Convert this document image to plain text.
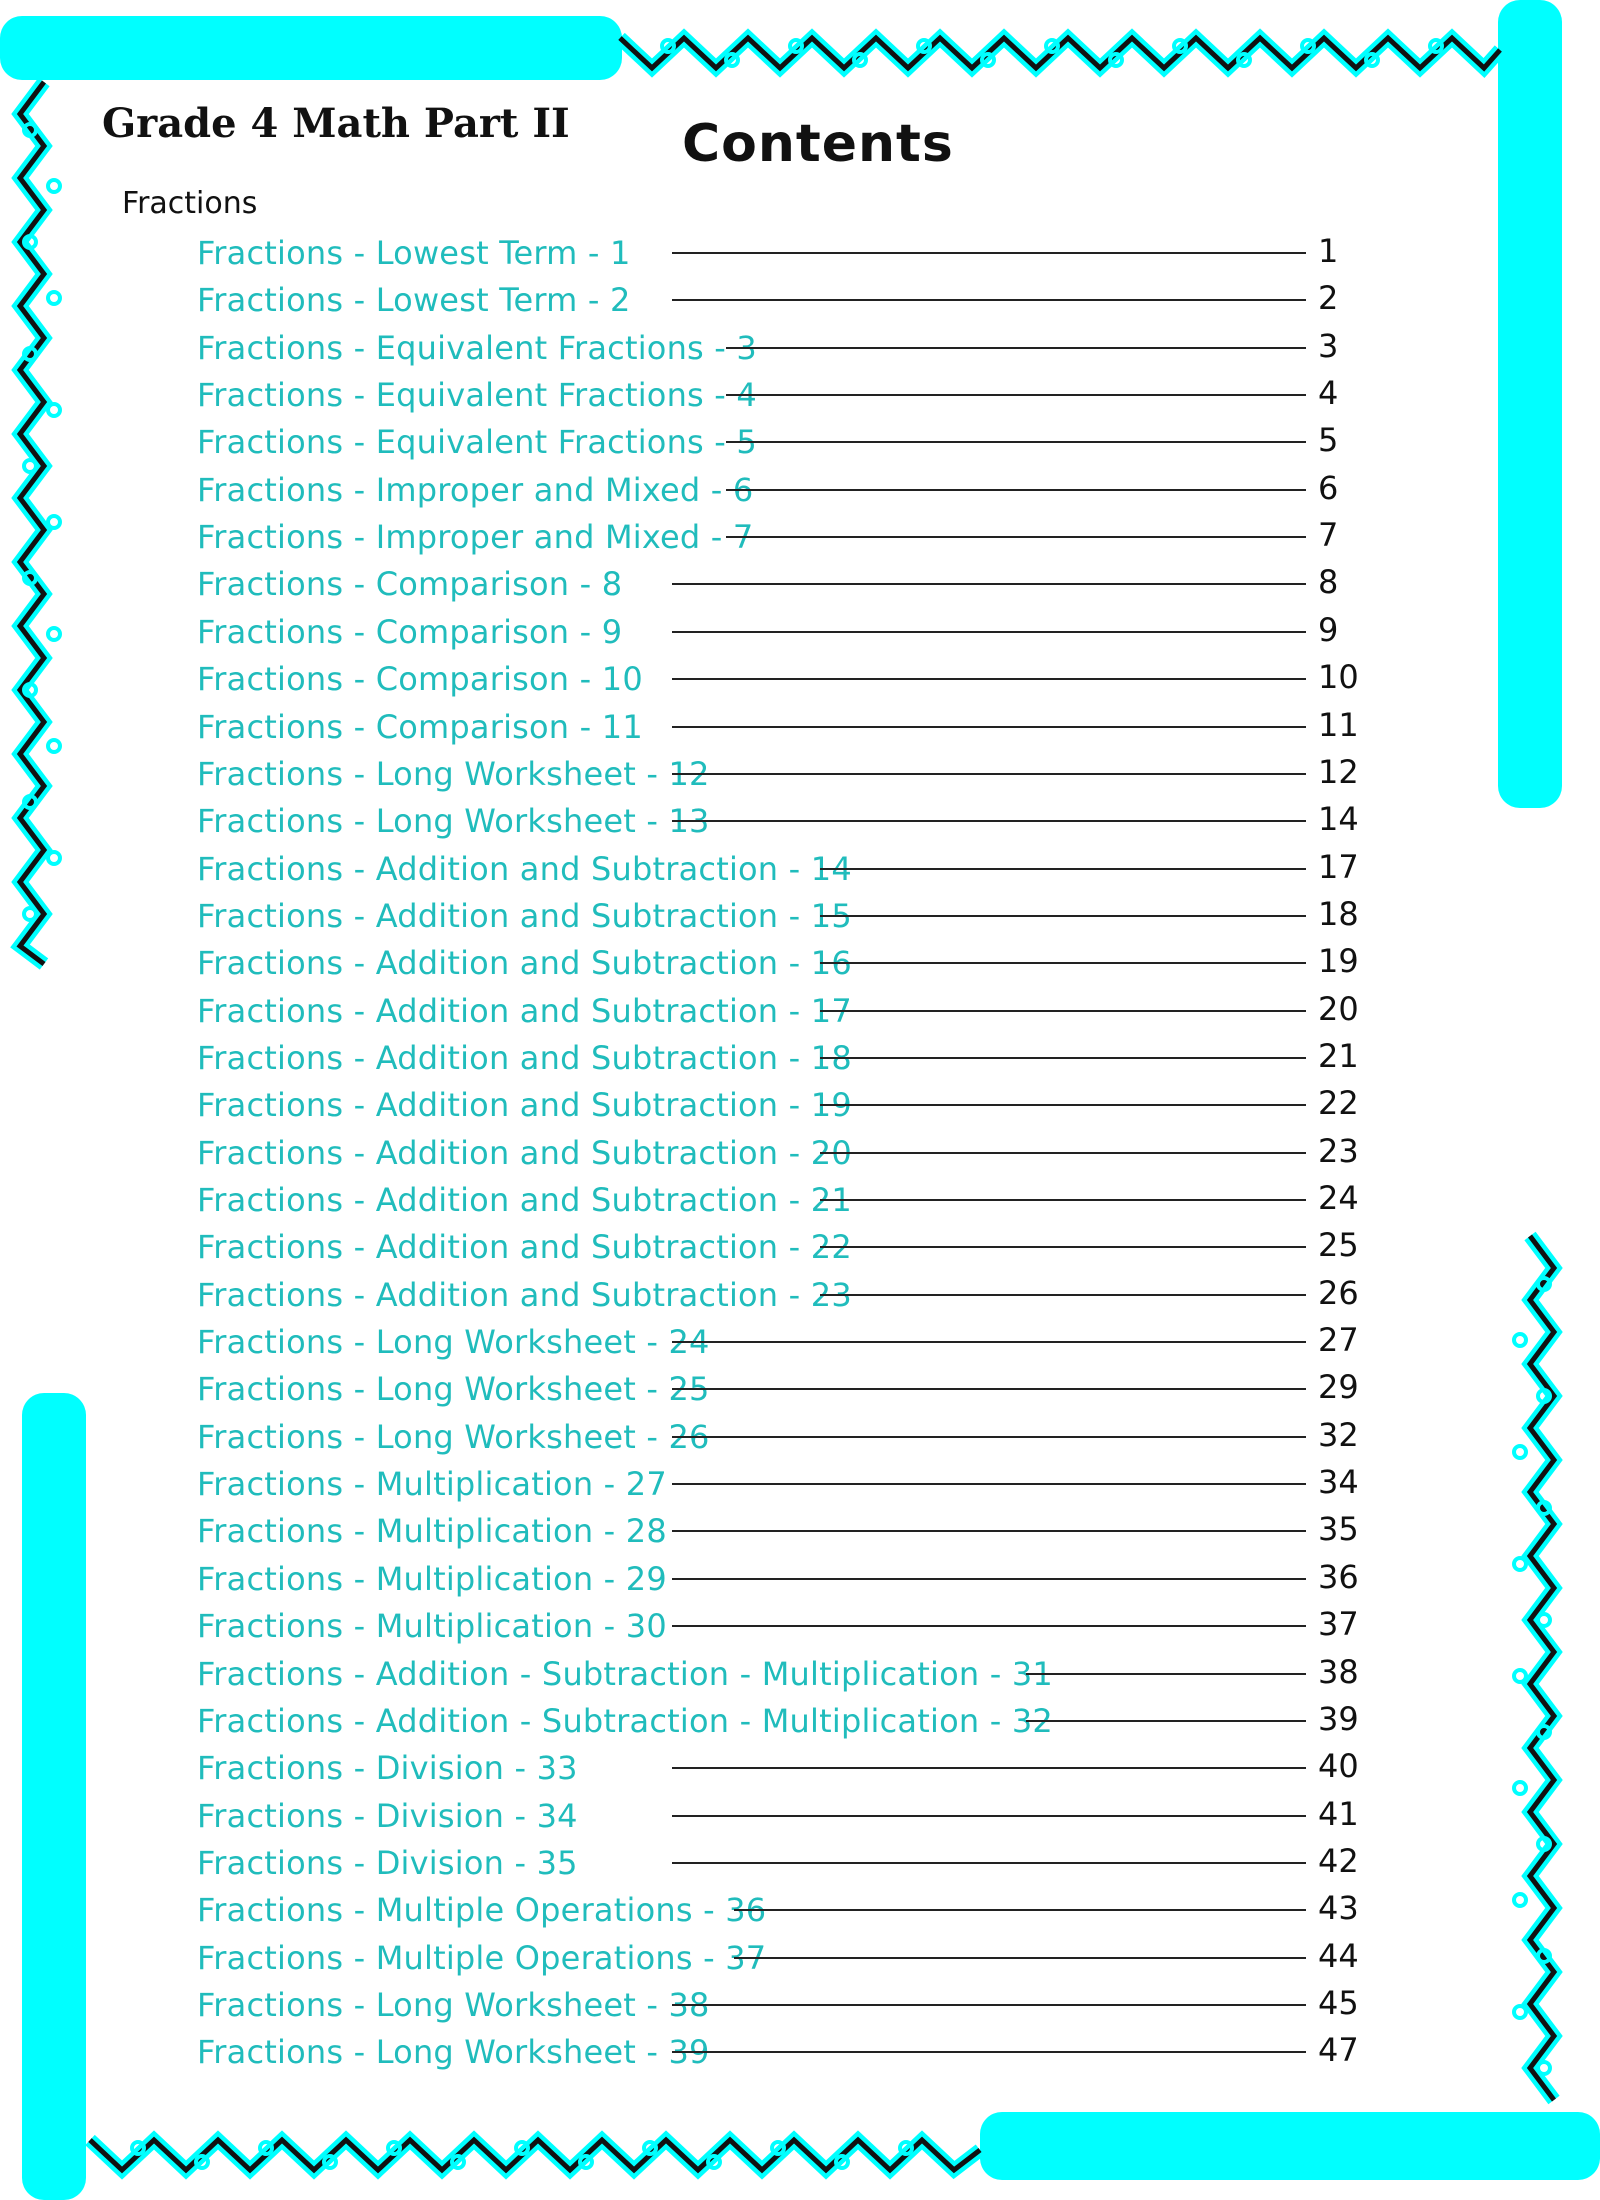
Grade 4 Math Part II Contents
Fractions
Fractions - Lowest Term - 1	1
Fractions - Lowest Term - 2	2
Fractions - Equivalent Fractions - 3	3
Fractions - Equivalent Fractions - 4	4
Fractions - Equivalent Fractions - 5	5
Fractions - Improper and Mixed - 6	6
Fractions - Improper and Mixed - 7	7
Fractions - Comparison - 8	8
Fractions - Comparison - 9	9
Fractions - Comparison - 10	10
Fractions - Comparison - 11	11
Fractions - Long Worksheet - 12	12
Fractions - Long Worksheet - 13	14
Fractions - Addition and Subtraction - 14	17
Fractions - Addition and Subtraction - 15	18
Fractions - Addition and Subtraction - 16	19
Fractions - Addition and Subtraction - 17	20
Fractions - Addition and Subtraction - 18	21
Fractions - Addition and Subtraction - 19	22
Fractions - Addition and Subtraction - 20	23
Fractions - Addition and Subtraction - 21	24
Fractions - Addition and Subtraction - 22	25
Fractions - Addition and Subtraction - 23	26
Fractions - Long Worksheet - 24	27
Fractions - Long Worksheet - 25	29
Fractions - Long Worksheet - 26	32
Fractions - Multiplication - 27	34
Fractions - Multiplication - 28	35
Fractions - Multiplication - 29	36
Fractions - Multiplication - 30	37
Fractions - Addition - Subtraction - Multiplication - 31	38
Fractions - Addition - Subtraction - Multiplication - 32	39
Fractions - Division - 33	40
Fractions - Division - 34	41
Fractions - Division - 35	42
Fractions - Multiple Operations - 36	43
Fractions - Multiple Operations - 37	44
Fractions - Long Worksheet - 38	45
Fractions - Long Worksheet - 39	47
